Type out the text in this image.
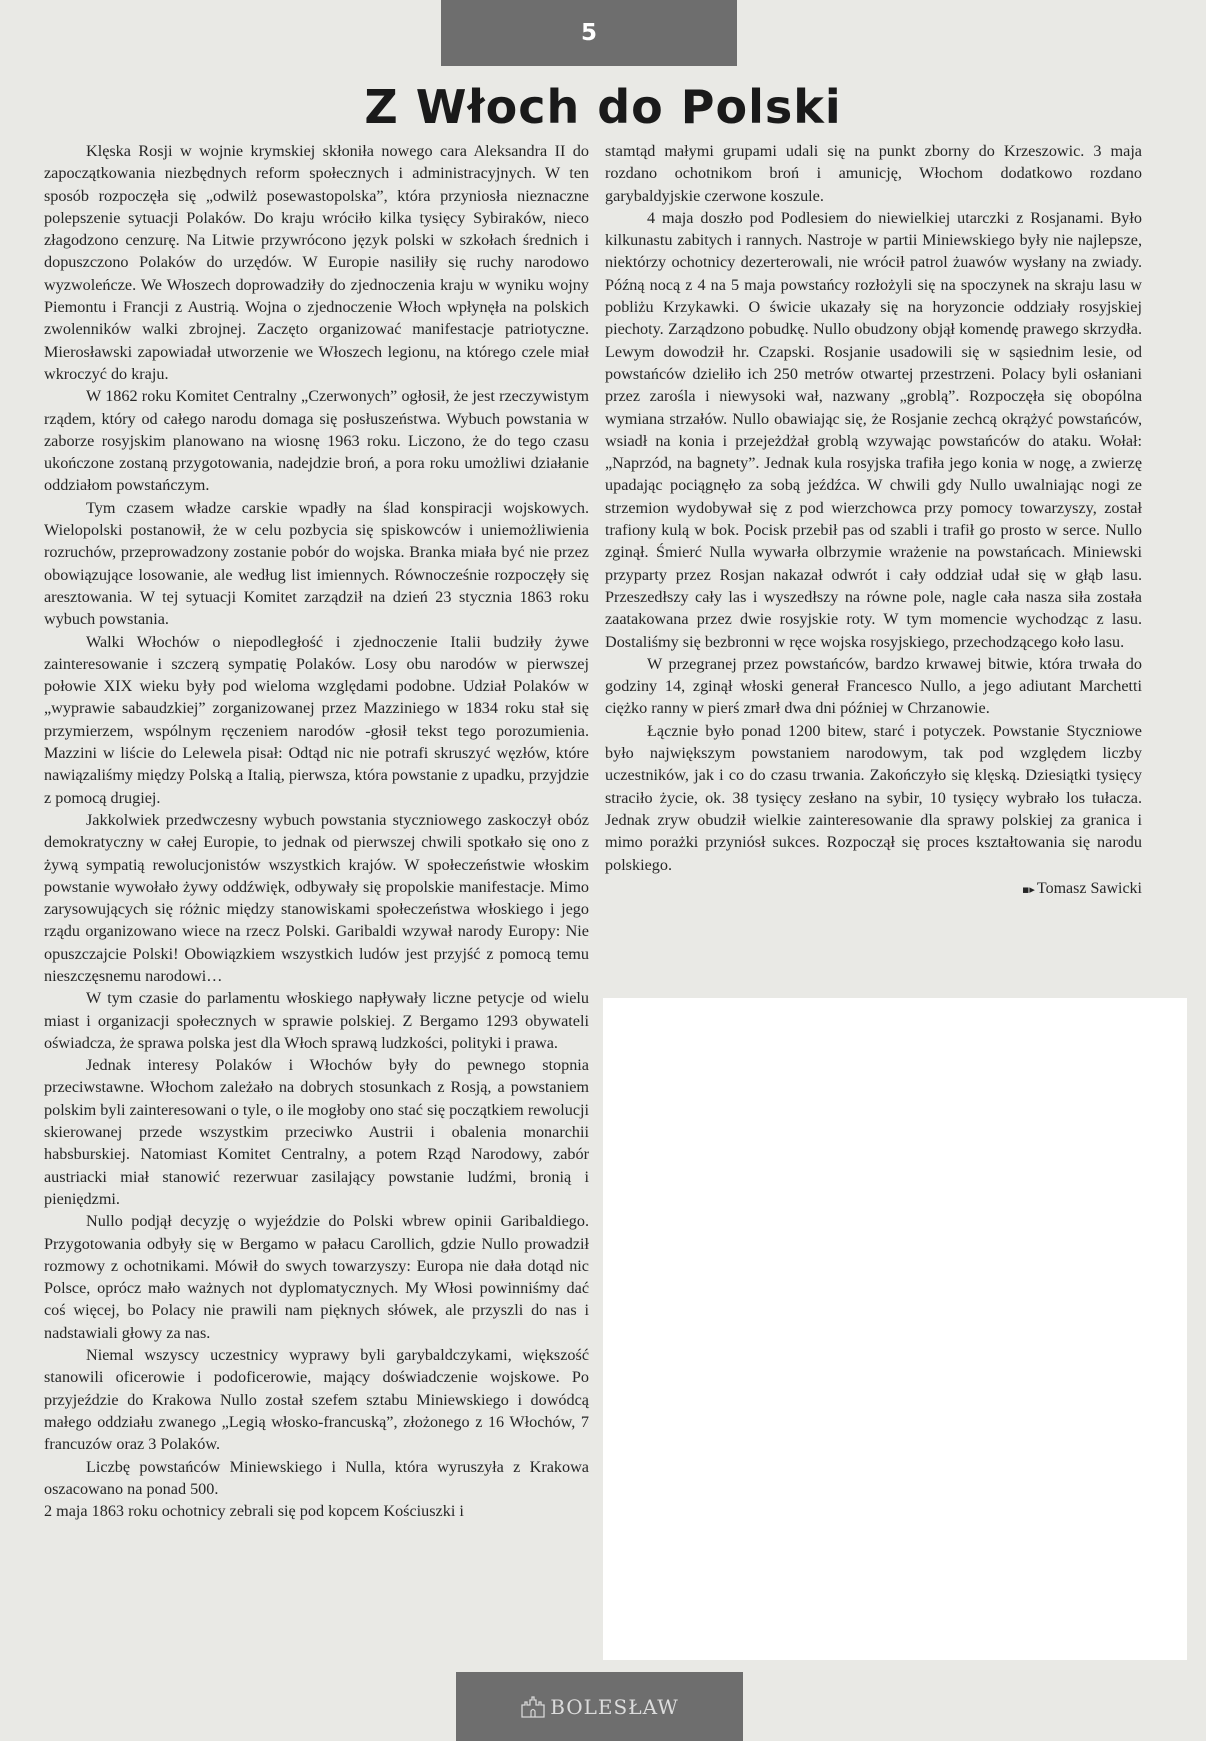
5
Z Włoch do Polski

Klęska Rosji w wojnie krymskiej skłoniła nowego cara Aleksandra II do zapoczątkowania niezbędnych reform społecznych i administracyjnych. W ten sposób rozpoczęła się „odwilż posewastopolska”, która przyniosła nieznaczne polepszenie sytuacji Polaków. Do kraju wróciło kilka tysięcy Sybiraków, nieco złagodzono cenzurę. Na Litwie przywrócono język polski w szkołach średnich i dopuszczono Polaków do urzędów. W Europie nasiliły się ruchy narodowo wyzwoleńcze. We Włoszech doprowadziły do zjednoczenia kraju w wyniku wojny Piemontu i Francji z Austrią. Wojna o zjednoczenie Włoch wpłynęła na polskich zwolenników walki zbrojnej. Zaczęto organizować manifestacje patriotyczne. Mierosławski zapowiadał utworzenie we Włoszech legionu, na którego czele miał wkroczyć do kraju.

W 1862 roku Komitet Centralny „Czerwonych” ogłosił, że jest rzeczywistym rządem, który od całego narodu domaga się posłuszeństwa. Wybuch powstania w zaborze rosyjskim planowano na wiosnę 1963 roku. Liczono, że do tego czasu ukończone zostaną przygotowania, nadejdzie broń, a pora roku umożliwi działanie oddziałom powstańczym.

Tym czasem władze carskie wpadły na ślad konspiracji wojskowych. Wielopolski postanowił, że w celu pozbycia się spiskowców i uniemożliwienia rozruchów, przeprowadzony zostanie pobór do wojska. Branka miała być nie przez obowiązujące losowanie, ale według list imiennych. Równocześnie rozpoczęły się aresztowania. W tej sytuacji Komitet zarządził na dzień 23 stycznia 1863 roku wybuch powstania.

Walki Włochów o niepodległość i zjednoczenie Italii budziły żywe zainteresowanie i szczerą sympatię Polaków. Losy obu narodów w pierwszej połowie XIX wieku były pod wieloma względami podobne. Udział Polaków w „wyprawie sabaudzkiej” zorganizowanej przez Mazziniego w 1834 roku stał się przymierzem, wspólnym ręczeniem narodów -głosił tekst tego porozumienia. Mazzini w liście do Lelewela pisał: Odtąd nic nie potrafi skruszyć węzłów, które nawiązaliśmy między Polską a Italią, pierwsza, która powstanie z upadku, przyjdzie z pomocą drugiej.

Jakkolwiek przedwczesny wybuch powstania styczniowego zaskoczył obóz demokratyczny w całej Europie, to jednak od pierwszej chwili spotkało się ono z żywą sympatią rewolucjonistów wszystkich krajów. W społeczeństwie włoskim powstanie wywołało żywy oddźwięk, odbywały się propolskie manifestacje. Mimo zarysowujących się różnic między stanowiskami społeczeństwa włoskiego i jego rządu organizowano wiece na rzecz Polski. Garibaldi wzywał narody Europy: Nie opuszczajcie Polski! Obowiązkiem wszystkich ludów jest przyjść z pomocą temu nieszczęsnemu narodowi…

W tym czasie do parlamentu włoskiego napływały liczne petycje od wielu miast i organizacji społecznych w sprawie polskiej. Z Bergamo 1293 obywateli oświadcza, że sprawa polska jest dla Włoch sprawą ludzkości, polityki i prawa.

Jednak interesy Polaków i Włochów były do pewnego stopnia przeciwstawne. Włochom zależało na dobrych stosunkach z Rosją, a powstaniem polskim byli zainteresowani o tyle, o ile mogłoby ono stać się początkiem rewolucji skierowanej przede wszystkim przeciwko Austrii i obalenia monarchii habsburskiej. Natomiast Komitet Centralny, a potem Rząd Narodowy, zabór austriacki miał stanowić rezerwuar zasilający powstanie ludźmi, bronią i pieniędzmi.

Nullo podjął decyzję o wyjeździe do Polski wbrew opinii Garibaldiego. Przygotowania odbyły się w Bergamo w pałacu Carollich, gdzie Nullo prowadził rozmowy z ochotnikami. Mówił do swych towarzyszy: Europa nie dała dotąd nic Polsce, oprócz mało ważnych not dyplomatycznych. My Włosi powinniśmy dać coś więcej, bo Polacy nie prawili nam pięknych słówek, ale przyszli do nas i nadstawiali głowy za nas.

Niemal wszyscy uczestnicy wyprawy byli garybaldczykami, większość stanowili oficerowie i podoficerowie, mający doświadczenie wojskowe. Po przyjeździe do Krakowa Nullo został szefem sztabu Miniewskiego i dowódcą małego oddziału zwanego „Legią włosko-francuską”, złożonego z 16 Włochów, 7 francuzów oraz 3 Polaków.

Liczbę powstańców Miniewskiego i Nulla, która wyruszyła z Krakowa oszacowano na ponad 500.

2 maja 1863 roku ochotnicy zebrali się pod kopcem Kościuszki i

stamtąd małymi grupami udali się na punkt zborny do Krzeszowic. 3 maja rozdano ochotnikom broń i amunicję, Włochom dodatkowo rozdano garybaldyjskie czerwone koszule.

4 maja doszło pod Podlesiem do niewielkiej utarczki z Rosjanami. Było kilkunastu zabitych i rannych. Nastroje w partii Miniewskiego były nie najlepsze, niektórzy ochotnicy dezerterowali, nie wrócił patrol żuawów wysłany na zwiady. Późną nocą z 4 na 5 maja powstańcy rozłożyli się na spoczynek na skraju lasu w pobliżu Krzykawki. O świcie ukazały się na horyzoncie oddziały rosyjskiej piechoty. Zarządzono pobudkę. Nullo obudzony objął komendę prawego skrzydła. Lewym dowodził hr. Czapski. Rosjanie usadowili się w sąsiednim lesie, od powstańców dzieliło ich 250 metrów otwartej przestrzeni. Polacy byli osłaniani przez zarośla i niewysoki wał, nazwany „groblą”. Rozpoczęła się obopólna wymiana strzałów. Nullo obawiając się, że Rosjanie zechcą okrążyć powstańców, wsiadł na konia i przejeżdżał groblą wzywając powstańców do ataku. Wołał: „Naprzód, na bagnety”. Jednak kula rosyjska trafiła jego konia w nogę, a zwierzę upadając pociągnęło za sobą jeźdźca. W chwili gdy Nullo uwalniając nogi ze strzemion wydobywał się z pod wierzchowca przy pomocy towarzyszy, został trafiony kulą w bok. Pocisk przebił pas od szabli i trafił go prosto w serce. Nullo zginął. Śmierć Nulla wywarła olbrzymie wrażenie na powstańcach. Miniewski przyparty przez Rosjan nakazał odwrót i cały oddział udał się w głąb lasu. Przeszedłszy cały las i wyszedłszy na równe pole, nagle cała nasza siła została zaatakowana przez dwie rosyjskie roty. W tym momencie wychodząc z lasu. Dostaliśmy się bezbronni w ręce wojska rosyjskiego, przechodzącego koło lasu.

W przegranej przez powstańców, bardzo krwawej bitwie, która trwała do godziny 14, zginął włoski generał Francesco Nullo, a jego adiutant Marchetti ciężko ranny w pierś zmarł dwa dni później w Chrzanowie.

Łącznie było ponad 1200 bitew, starć i potyczek. Powstanie Styczniowe było największym powstaniem narodowym, tak pod względem liczby uczestników, jak i co do czasu trwania. Zakończyło się klęską. Dziesiątki tysięcy straciło życie, ok. 38 tysięcy zesłano na sybir, 10 tysięcy wybrało los tułacza. Jednak zryw obudził wielkie zainteresowanie dla sprawy polskiej za granica i mimo porażki przyniósł sukces. Rozpoczął się proces kształtowania się narodu polskiego.

▪▸ Tomasz Sawicki
BOLESŁAW
